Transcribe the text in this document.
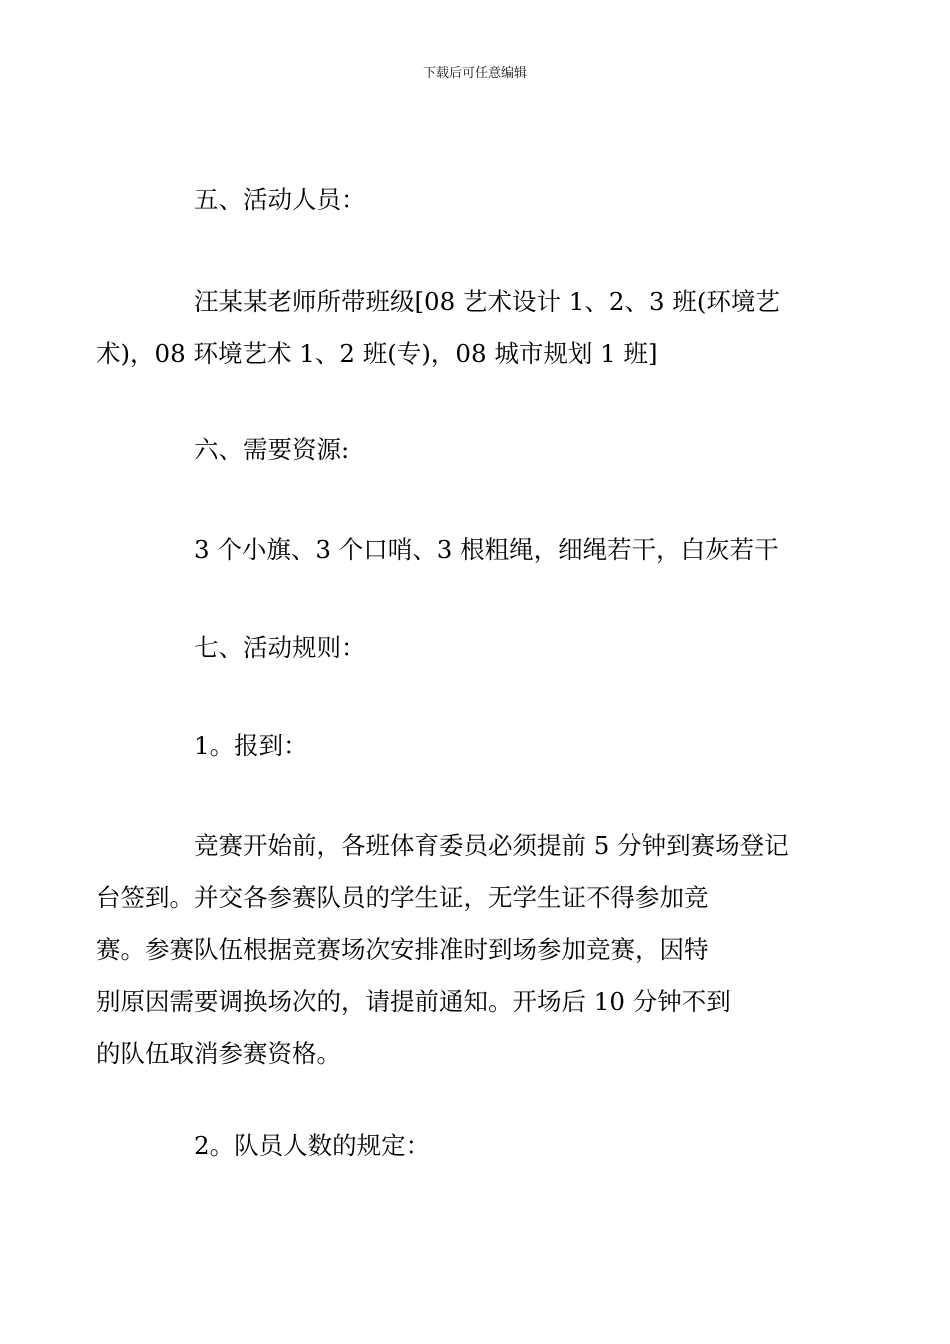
下载后可任意编辑

五、活动人员：

汪某某老师所带班级[08 艺术设计 1、2、3 班(环境艺
术)，08 环境艺术 1、2 班(专)，08 城市规划 1 班]

六、需要资源:

3 个小旗、3 个口哨、3 根粗绳，细绳若干，白灰若干

七、活动规则：

1。报到：

竞赛开始前，各班体育委员必须提前 5 分钟到赛场登记
台签到。并交各参赛队员的学生证，无学生证不得参加竞
赛。参赛队伍根据竞赛场次安排准时到场参加竞赛，因特
别原因需要调换场次的，请提前通知。开场后 10 分钟不到
的队伍取消参赛资格。

2。队员人数的规定：
